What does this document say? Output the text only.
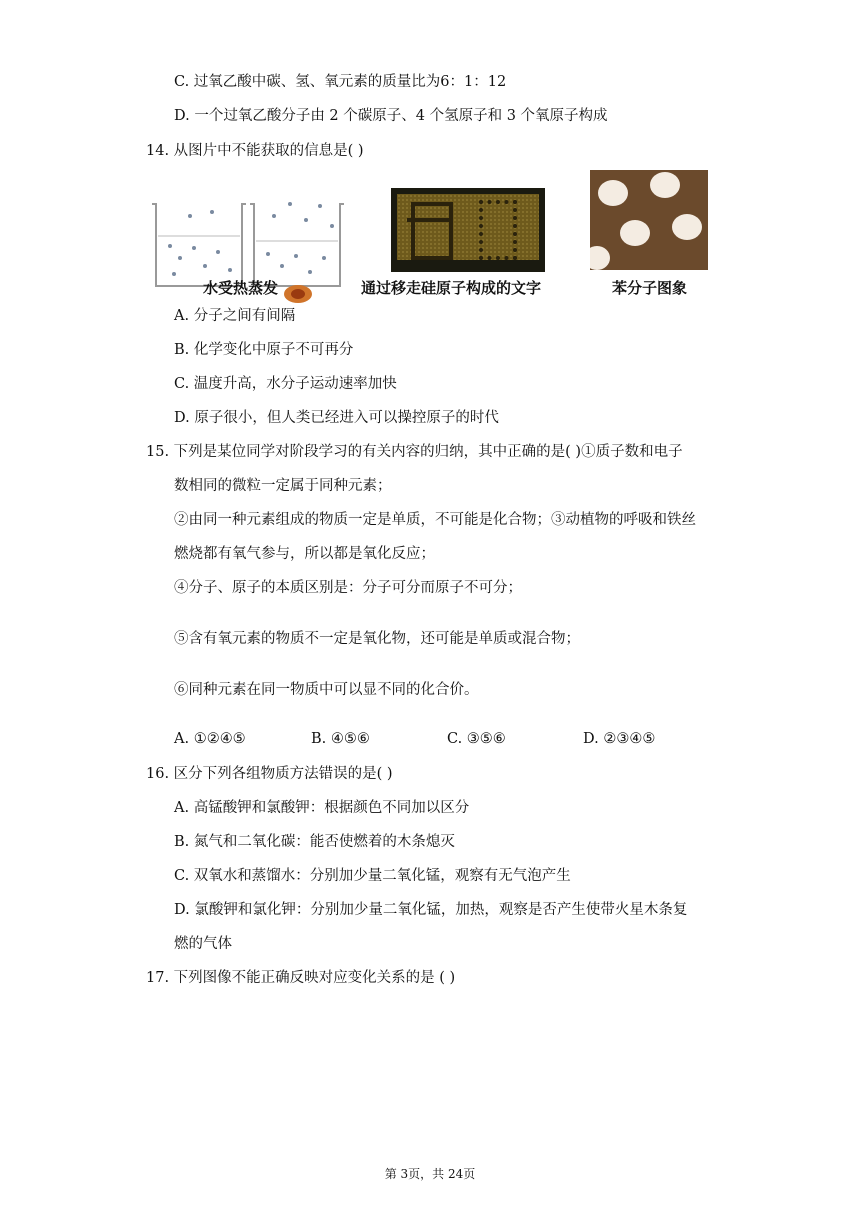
C. 过氧乙酸中碳、氢、氧元素的质量比为6：1：12
D. 一个过氧乙酸分子由 2 个碳原子、4 个氢原子和 3 个氧原子构成
14. 从图片中不能获取的信息是( )
水受热蒸发	通过移走硅原子构成的文字	苯分子图象
A. 分子之间有间隔
B. 化学变化中原子不可再分
C. 温度升高，水分子运动速率加快
D. 原子很小，但人类已经进入可以操控原子的时代
15. 下列是某位同学对阶段学习的有关内容的归纳，其中正确的是( )①质子数和电子
数相同的微粒一定属于同种元素；
②由同一种元素组成的物质一定是单质，不可能是化合物；③动植物的呼吸和铁丝
燃烧都有氧气参与，所以都是氧化反应；
④分子、原子的本质区别是：分子可分而原子不可分；
⑤含有氧元素的物质不一定是氧化物，还可能是单质或混合物；
⑥同种元素在同一物质中可以显不同的化合价。
A. ①②④⑤	B. ④⑤⑥	C. ③⑤⑥	D. ②③④⑤
16. 区分下列各组物质方法错误的是( )
A. 高锰酸钾和氯酸钾：根据颜色不同加以区分
B. 氮气和二氧化碳：能否使燃着的木条熄灭
C. 双氧水和蒸馏水：分别加少量二氧化锰，观察有无气泡产生
D. 氯酸钾和氯化钾：分别加少量二氧化锰，加热，观察是否产生使带火星木条复
燃的气体
17. 下列图像不能正确反映对应变化关系的是 ( )
第 3页，共 24页
